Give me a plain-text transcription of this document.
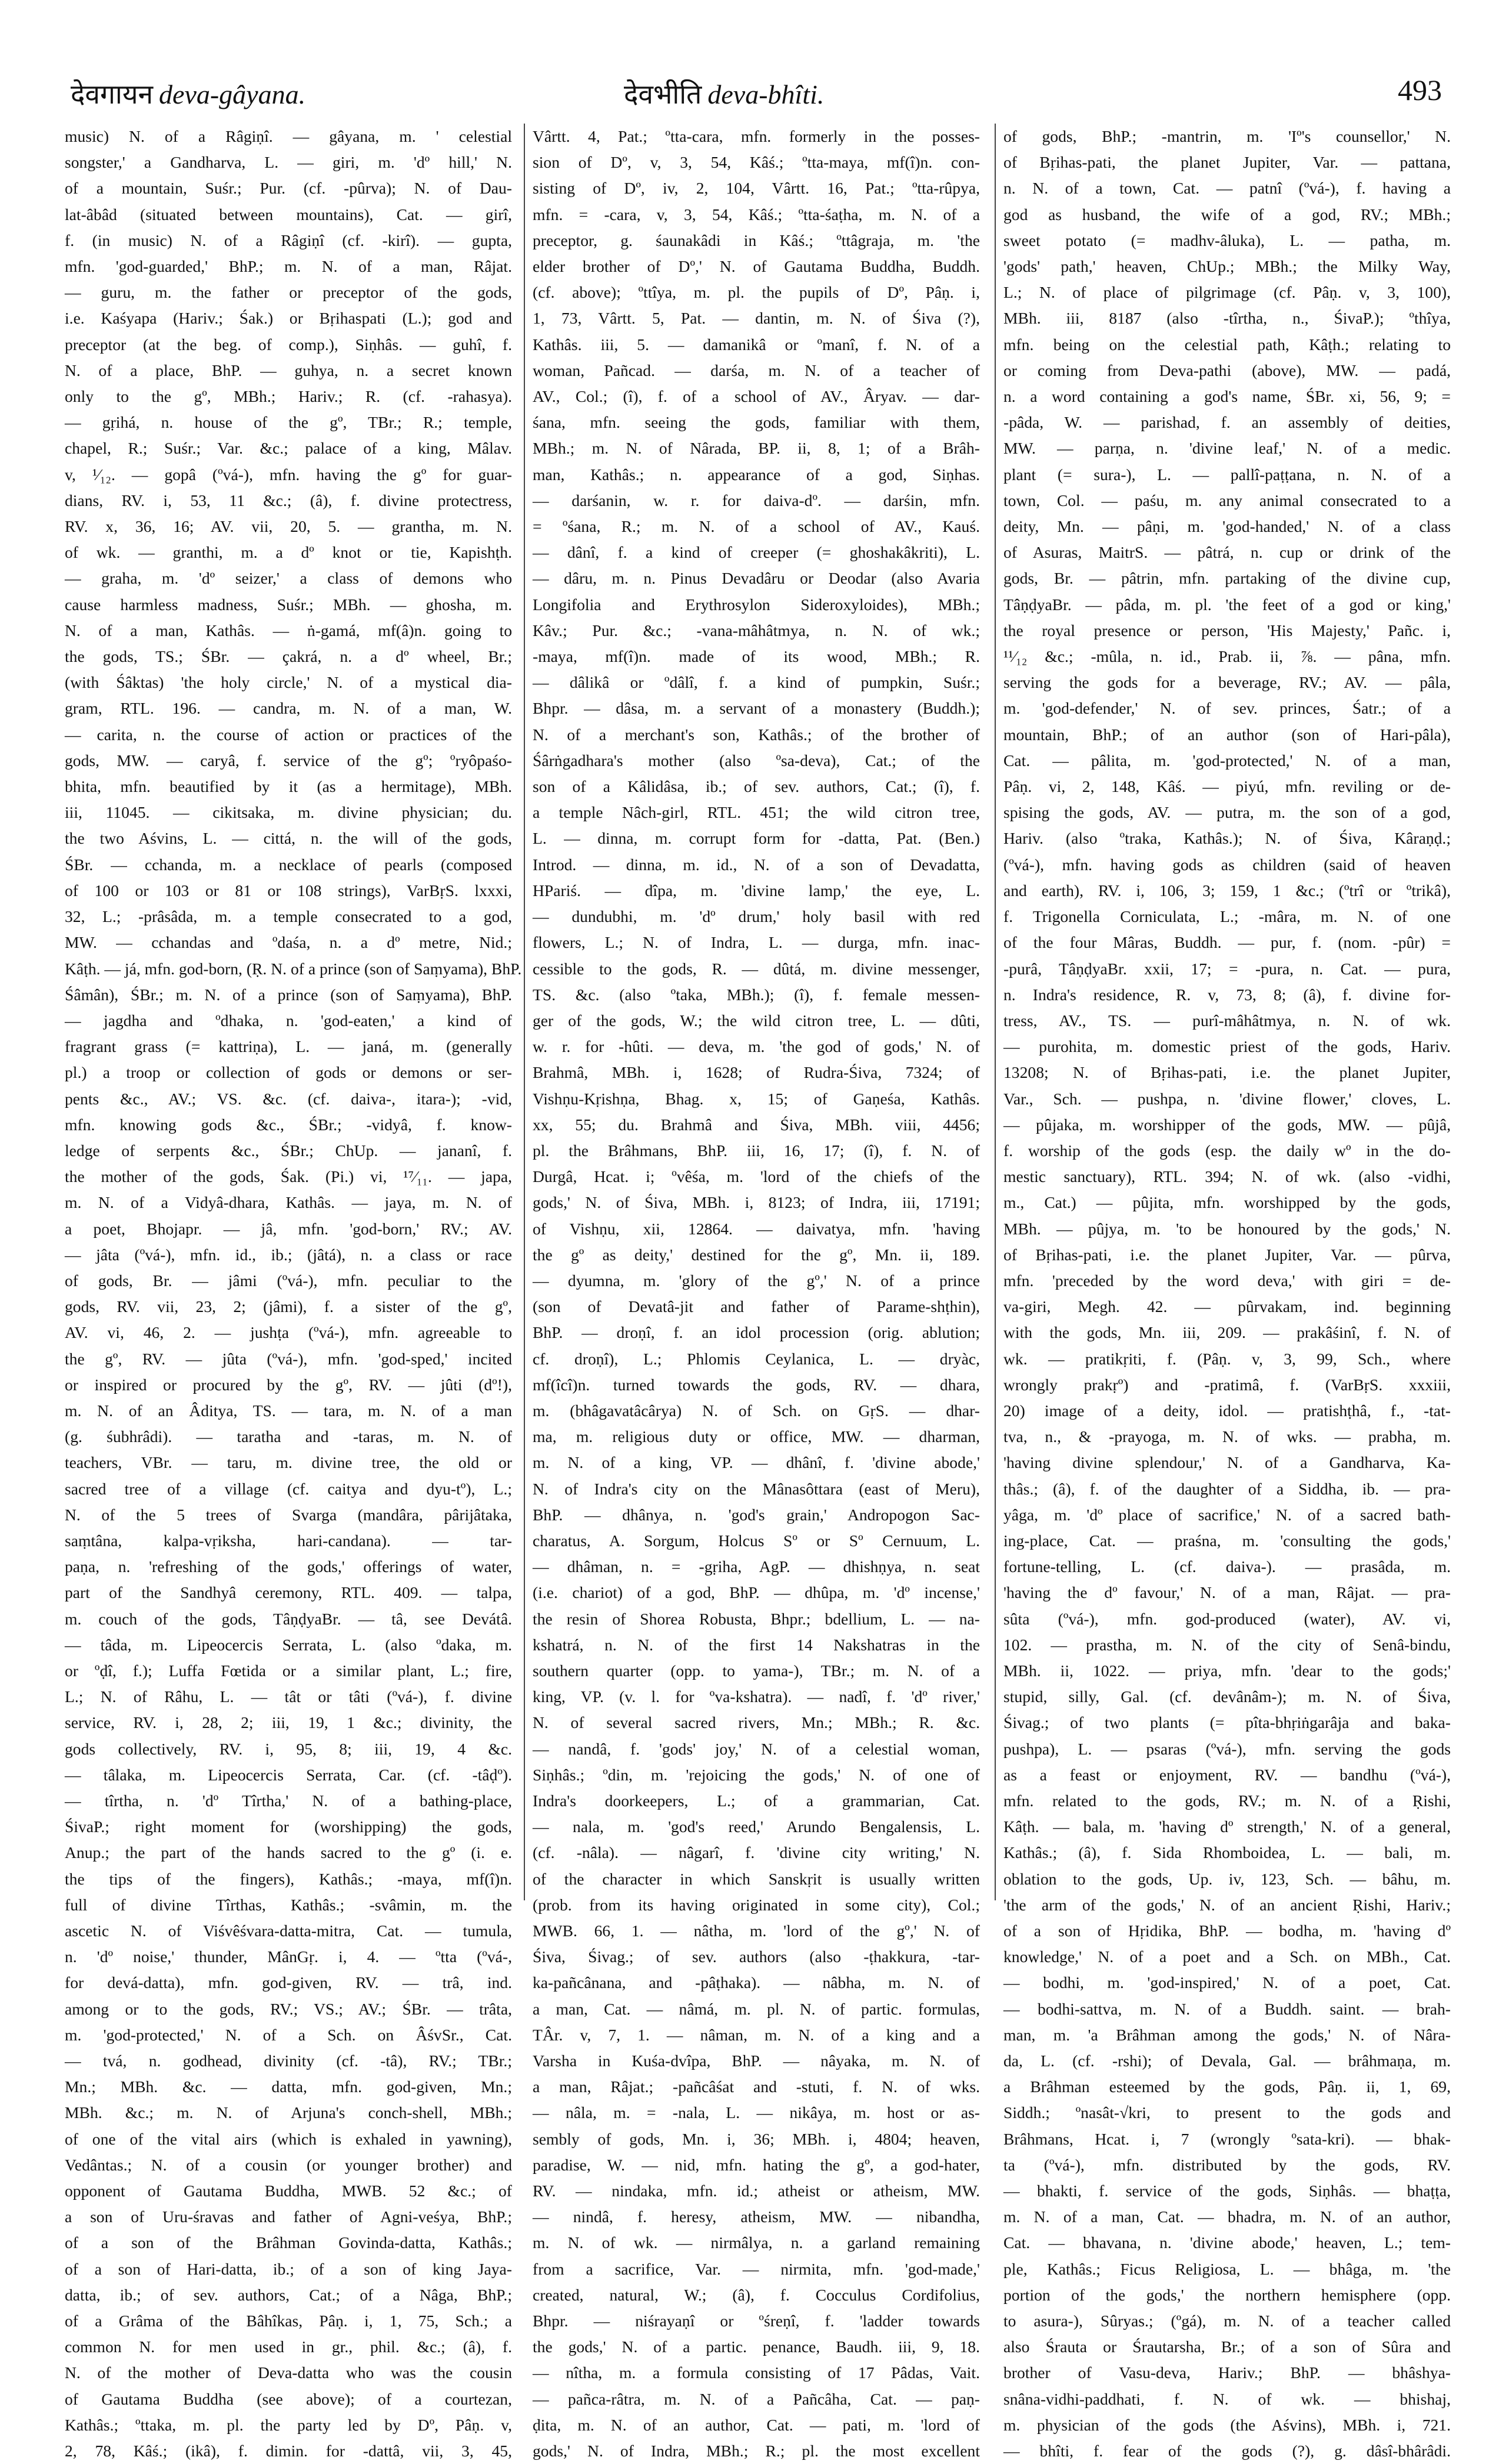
देवगायन deva-gâyana.	देवभीति deva-bhîti.	493
music) N. of a Râgiṇî. — gâyana, m. ' celestial
songster,' a Gandharva, L. — giri, m. 'dº hill,' N.
of a mountain, Suśr.; Pur. (cf. -pûrva); N. of Dau-
lat-âbâd (situated between mountains), Cat. — girî,
f. (in music) N. of a Râgiṇî (cf. -kirî). — gupta,
mfn. 'god-guarded,' BhP.; m. N. of a man, Râjat.
— guru, m. the father or preceptor of the gods,
i.e. Kaśyapa (Hariv.; Śak.) or Bṛihaspati (L.); god and
preceptor (at the beg. of comp.), Siṇhâs. — guhî, f.
N. of a place, BhP. — guhya, n. a secret known
only to the gº, MBh.; Hariv.; R. (cf. -rahasya).
— gṛihá, n. house of the gº, TBr.; R.; temple,
chapel, R.; Suśr.; Var. &c.; palace of a king, Mâlav.
v, ¹⁄₁₂. — gopâ (ºvá-), mfn. having the gº for guar-
dians, RV. i, 53, 11 &c.; (â), f. divine protectress,
RV. x, 36, 16; AV. vii, 20, 5. — grantha, m. N.
of wk. — granthi, m. a dº knot or tie, Kapishṭh.
— graha, m. 'dº seizer,' a class of demons who
cause harmless madness, Suśr.; MBh. — ghosha, m.
N. of a man, Kathâs. — ṅ-gamá, mf(â)n. going to
the gods, TS.; ŚBr. — çakrá, n. a dº wheel, Br.;
(with Śâktas) 'the holy circle,' N. of a mystical dia-
gram, RTL. 196. — candra, m. N. of a man, W.
— carita, n. the course of action or practices of the
gods, MW. — caryâ, f. service of the gº; ºryôpaśo-
bhita, mfn. beautified by it (as a hermitage), MBh.
iii, 11045. — cikitsaka, m. divine physician; du.
the two Aśvins, L. — cittá, n. the will of the gods,
ŚBr. — cchanda, m. a necklace of pearls (composed
of 100 or 103 or 81 or 108 strings), VarBṛS. lxxxi,
32, L.; -prâsâda, m. a temple consecrated to a god,
MW. — cchandas and ºdaśa, n. a dº metre, Nid.;
Kâṭh. — já, mfn. god-born, (Ṛ. N. of a prince (son of Saṃyama), BhP.
Śâmân), ŚBr.; m. N. of a prince (son of Saṃyama), BhP.
— jagdha and ºdhaka, n. 'god-eaten,' a kind of
fragrant grass (= kattriṇa), L. — janá, m. (generally
pl.) a troop or collection of gods or demons or ser-
pents &c., AV.; VS. &c. (cf. daiva-, itara-); -vid,
mfn. knowing gods &c., ŚBr.; -vidyâ, f. know-
ledge of serpents &c., ŚBr.; ChUp. — jananî, f.
the mother of the gods, Śak. (Pi.) vi, ¹⁷⁄₁₁. — japa,
m. N. of a Vidyâ-dhara, Kathâs. — jaya, m. N. of
a poet, Bhojapr. — jâ, mfn. 'god-born,' RV.; AV.
— jâta (ºvá-), mfn. id., ib.; (jâtá), n. a class or race
of gods, Br. — jâmi (ºvá-), mfn. peculiar to the
gods, RV. vii, 23, 2; (jâmi), f. a sister of the gº,
AV. vi, 46, 2. — jushṭa (ºvá-), mfn. agreeable to
the gº, RV. — jûta (ºvá-), mfn. 'god-sped,' incited
or inspired or procured by the gº, RV. — jûti (dº!),
m. N. of an Âditya, TS. — tara, m. N. of a man
(g. śubhrâdi). — taratha and -taras, m. N. of
teachers, VBr. — taru, m. divine tree, the old or
sacred tree of a village (cf. caitya and dyu-tº), L.;
N. of the 5 trees of Svarga (mandâra, pârijâtaka,
saṃtâna, kalpa-vṛiksha, hari-candana). — tar-
paṇa, n. 'refreshing of the gods,' offerings of water,
part of the Sandhyâ ceremony, RTL. 409. — talpa,
m. couch of the gods, TâṇḍyaBr. — tâ, see Devátâ.
— tâda, m. Lipeocercis Serrata, L. (also ºdaka, m.
or ºḍî, f.); Luffa Fœtida or a similar plant, L.; fire,
L.; N. of Râhu, L. — tât or tâti (ºvá-), f. divine
service, RV. i, 28, 2; iii, 19, 1 &c.; divinity, the
gods collectively, RV. i, 95, 8; iii, 19, 4 &c.
— tâlaka, m. Lipeocercis Serrata, Car. (cf. -tâḍº).
— tîrtha, n. 'dº Tîrtha,' N. of a bathing-place,
ŚivaP.; right moment for (worshipping) the gods,
Anup.; the part of the hands sacred to the gº (i. e.
the tips of the fingers), Kathâs.; -maya, mf(î)n.
full of divine Tîrthas, Kathâs.; -svâmin, m. the
ascetic N. of Viśvêśvara-datta-mitra, Cat. — tumula,
n. 'dº noise,' thunder, MânGṛ. i, 4. — ºtta (ºvá-,
for devá-datta), mfn. god-given, RV. — trâ, ind.
among or to the gods, RV.; VS.; AV.; ŚBr. — trâta,
m. 'god-protected,' N. of a Sch. on ÂśvSr., Cat.
— tvá, n. godhead, divinity (cf. -tâ), RV.; TBr.;
Mn.; MBh. &c. — datta, mfn. god-given, Mn.;
MBh. &c.; m. N. of Arjuna's conch-shell, MBh.;
of one of the vital airs (which is exhaled in yawning),
Vedântas.; N. of a cousin (or younger brother) and
opponent of Gautama Buddha, MWB. 52 &c.; of
a son of Uru-śravas and father of Agni-veśya, BhP.;
of a son of the Brâhman Govinda-datta, Kathâs.;
of a son of Hari-datta, ib.; of a son of king Jaya-
datta, ib.; of sev. authors, Cat.; of a Nâga, BhP.;
of a Grâma of the Bâhîkas, Pâṇ. i, 1, 75, Sch.; a
common N. for men used in gr., phil. &c.; (â), f.
N. of the mother of Deva-datta who was the cousin
of Gautama Buddha (see above); of a courtezan,
Kathâs.; ºttaka, m. pl. the party led by Dº, Pâṇ. v,
2, 78, Kâś.; (ikâ), f. dimin. for -dattâ, vii, 3, 45,
Vârtt. 4, Pat.; ºtta-cara, mfn. formerly in the posses-
sion of Dº, v, 3, 54, Kâś.; ºtta-maya, mf(î)n. con-
sisting of Dº, iv, 2, 104, Vârtt. 16, Pat.; ºtta-rûpya,
mfn. = -cara, v, 3, 54, Kâś.; ºtta-śaṭha, m. N. of a
preceptor, g. śaunakâdi in Kâś.; ºttâgraja, m. 'the
elder brother of Dº,' N. of Gautama Buddha, Buddh.
(cf. above); ºttîya, m. pl. the pupils of Dº, Pâṇ. i,
1, 73, Vârtt. 5, Pat. — dantin, m. N. of Śiva (?),
Kathâs. iii, 5. — damanikâ or ºmanî, f. N. of a
woman, Pañcad. — darśa, m. N. of a teacher of
AV., Col.; (î), f. of a school of AV., Âryav. — dar-
śana, mfn. seeing the gods, familiar with them,
MBh.; m. N. of Nârada, BP. ii, 8, 1; of a Brâh-
man, Kathâs.; n. appearance of a god, Siṇhas.
— darśanin, w. r. for daiva-dº. — darśin, mfn.
= ºśana, R.; m. N. of a school of AV., Kauś.
— dânî, f. a kind of creeper (= ghoshakâkriti), L.
— dâru, m. n. Pinus Devadâru or Deodar (also Avaria
Longifolia and Erythrosylon Sideroxyloides), MBh.;
Kâv.; Pur. &c.; -vana-mâhâtmya, n. N. of wk.;
-maya, mf(î)n. made of its wood, MBh.; R.
— dâlikâ or ºdâlî, f. a kind of pumpkin, Suśr.;
Bhpr. — dâsa, m. a servant of a monastery (Buddh.);
N. of a merchant's son, Kathâs.; of the brother of
Śârṅgadhara's mother (also ºsa-deva), Cat.; of the
son of a Kâlidâsa, ib.; of sev. authors, Cat.; (î), f.
a temple Nâch-girl, RTL. 451; the wild citron tree,
L. — dinna, m. corrupt form for -datta, Pat. (Ben.)
Introd. — dinna, m. id., N. of a son of Devadatta,
HPariś. — dîpa, m. 'divine lamp,' the eye, L.
— dundubhi, m. 'dº drum,' holy basil with red
flowers, L.; N. of Indra, L. — durga, mfn. inac-
cessible to the gods, R. — dûtá, m. divine messenger,
TS. &c. (also ºtaka, MBh.); (î), f. female messen-
ger of the gods, W.; the wild citron tree, L. — dûti,
w. r. for -hûti. — deva, m. 'the god of gods,' N. of
Brahmâ, MBh. i, 1628; of Rudra-Śiva, 7324; of
Vishṇu-Kṛishṇa, Bhag. x, 15; of Gaṇeśa, Kathâs.
xx, 55; du. Brahmâ and Śiva, MBh. viii, 4456;
pl. the Brâhmans, BhP. iii, 16, 17; (î), f. N. of
Durgâ, Hcat. i; ºvêśa, m. 'lord of the chiefs of the
gods,' N. of Śiva, MBh. i, 8123; of Indra, iii, 17191;
of Vishṇu, xii, 12864. — daivatya, mfn. 'having
the gº as deity,' destined for the gº, Mn. ii, 189.
— dyumna, m. 'glory of the gº,' N. of a prince
(son of Devatâ-jit and father of Parame-shṭhin),
BhP. — droṇî, f. an idol procession (orig. ablution;
cf. droṇî), L.; Phlomis Ceylanica, L. — dryàc,
mf(îcî)n. turned towards the gods, RV. — dhara,
m. (bhâgavatâcârya) N. of Sch. on GṛS. — dhar-
ma, m. religious duty or office, MW. — dharman,
m. N. of a king, VP. — dhânî, f. 'divine abode,'
N. of Indra's city on the Mânasôttara (east of Meru),
BhP. — dhânya, n. 'god's grain,' Andropogon Sac-
charatus, A. Sorgum, Holcus Sº or Sº Cernuum, L.
— dhâman, n. = -gṛiha, AgP. — dhishṇya, n. seat
(i.e. chariot) of a god, BhP. — dhûpa, m. 'dº incense,'
the resin of Shorea Robusta, Bhpr.; bdellium, L. — na-
kshatrá, n. N. of the first 14 Nakshatras in the
southern quarter (opp. to yama-), TBr.; m. N. of a
king, VP. (v. l. for ºva-kshatra). — nadî, f. 'dº river,'
N. of several sacred rivers, Mn.; MBh.; R. &c.
— nandâ, f. 'gods' joy,' N. of a celestial woman,
Siṇhâs.; ºdin, m. 'rejoicing the gods,' N. of one of
Indra's doorkeepers, L.; of a grammarian, Cat.
— nala, m. 'god's reed,' Arundo Bengalensis, L.
(cf. -nâla). — nâgarî, f. 'divine city writing,' N.
of the character in which Sanskṛit is usually written
(prob. from its having originated in some city), Col.;
MWB. 66, 1. — nâtha, m. 'lord of the gº,' N. of
Śiva, Śivag.; of sev. authors (also -ṭhakkura, -tar-
ka-pañcânana, and -pâṭhaka). — nâbha, m. N. of
a man, Cat. — nâmá, m. pl. N. of partic. formulas,
TÂr. v, 7, 1. — nâman, m. N. of a king and a
Varsha in Kuśa-dvîpa, BhP. — nâyaka, m. N. of
a man, Râjat.; -pañcâśat and -stuti, f. N. of wks.
— nâla, m. = -nala, L. — nikâya, m. host or as-
sembly of gods, Mn. i, 36; MBh. i, 4804; heaven,
paradise, W. — nid, mfn. hating the gº, a god-hater,
RV. — nindaka, mfn. id.; atheist or atheism, MW.
— nindâ, f. heresy, atheism, MW. — nibandha,
m. N. of wk. — nirmâlya, n. a garland remaining
from a sacrifice, Var. — nirmita, mfn. 'god-made,'
created, natural, W.; (â), f. Cocculus Cordifolius,
Bhpr. — niśrayaṇî or ºśreṇî, f. 'ladder towards
the gods,' N. of a partic. penance, Baudh. iii, 9, 18.
— nîtha, m. a formula consisting of 17 Pâdas, Vait.
— pañca-râtra, m. N. of a Pañcâha, Cat. — paṇ-
ḍita, m. N. of an author, Cat. — pati, m. 'lord of
gods,' N. of Indra, MBh.; R.; pl. the most excellent
of gods, BhP.; -mantrin, m. 'Iº's counsellor,' N.
of Bṛihas-pati, the planet Jupiter, Var. — pattana,
n. N. of a town, Cat. — patnî (ºvá-), f. having a
god as husband, the wife of a god, RV.; MBh.;
sweet potato (= madhv-âluka), L. — patha, m.
'gods' path,' heaven, ChUp.; MBh.; the Milky Way,
L.; N. of place of pilgrimage (cf. Pâṇ. v, 3, 100),
MBh. iii, 8187 (also -tîrtha, n., ŚivaP.); ºthîya,
mfn. being on the celestial path, Kâṭh.; relating to
or coming from Deva-pathi (above), MW. — padá,
n. a word containing a god's name, ŚBr. xi, 56, 9; =
-pâda, W. — parishad, f. an assembly of deities,
MW. — parṇa, n. 'divine leaf,' N. of a medic.
plant (= sura-), L. — pallî-paṭṭana, n. N. of a
town, Col. — paśu, m. any animal consecrated to a
deity, Mn. — pâṇi, m. 'god-handed,' N. of a class
of Asuras, MaitrS. — pâtrá, n. cup or drink of the
gods, Br. — pâtrin, mfn. partaking of the divine cup,
TâṇḍyaBr. — pâda, m. pl. 'the feet of a god or king,'
the royal presence or person, 'His Majesty,' Pañc. i,
¹¹⁄₁₂ &c.; -mûla, n. id., Prab. ii, ⅞. — pâna, mfn.
serving the gods for a beverage, RV.; AV. — pâla,
m. 'god-defender,' N. of sev. princes, Śatr.; of a
mountain, BhP.; of an author (son of Hari-pâla),
Cat. — pâlita, m. 'god-protected,' N. of a man,
Pâṇ. vi, 2, 148, Kâś. — piyú, mfn. reviling or de-
spising the gods, AV. — putra, m. the son of a god,
Hariv. (also ºtraka, Kathâs.); N. of Śiva, Kâraṇḍ.;
(ºvá-), mfn. having gods as children (said of heaven
and earth), RV. i, 106, 3; 159, 1 &c.; (ºtrî or ºtrikâ),
f. Trigonella Corniculata, L.; -mâra, m. N. of one
of the four Mâras, Buddh. — pur, f. (nom. -pûr) =
-purâ, TâṇḍyaBr. xxii, 17; = -pura, n. Cat. — pura,
n. Indra's residence, R. v, 73, 8; (â), f. divine for-
tress, AV., TS. — purî-mâhâtmya, n. N. of wk.
— purohita, m. domestic priest of the gods, Hariv.
13208; N. of Bṛihas-pati, i.e. the planet Jupiter,
Var., Sch. — pushpa, n. 'divine flower,' cloves, L.
— pûjaka, m. worshipper of the gods, MW. — pûjâ,
f. worship of the gods (esp. the daily wº in the do-
mestic sanctuary), RTL. 394; N. of wk. (also -vidhi,
m., Cat.) — pûjita, mfn. worshipped by the gods,
MBh. — pûjya, m. 'to be honoured by the gods,' N.
of Bṛihas-pati, i.e. the planet Jupiter, Var. — pûrva,
mfn. 'preceded by the word deva,' with giri = de-
va-giri, Megh. 42. — pûrvakam, ind. beginning
with the gods, Mn. iii, 209. — prakâśinî, f. N. of
wk. — pratikṛiti, f. (Pâṇ. v, 3, 99, Sch., where
wrongly prakṛº) and -pratimâ, f. (VarBṛS. xxxiii,
20) image of a deity, idol. — pratishṭhâ, f., -tat-
tva, n., & -prayoga, m. N. of wks. — prabha, m.
'having divine splendour,' N. of a Gandharva, Ka-
thâs.; (â), f. of the daughter of a Siddha, ib. — pra-
yâga, m. 'dº place of sacrifice,' N. of a sacred bath-
ing-place, Cat. — praśna, m. 'consulting the gods,'
fortune-telling, L. (cf. daiva-). — prasâda, m.
'having the dº favour,' N. of a man, Râjat. — pra-
sûta (ºvá-), mfn. god-produced (water), AV. vi,
102. — prastha, m. N. of the city of Senâ-bindu,
MBh. ii, 1022. — priya, mfn. 'dear to the gods;'
stupid, silly, Gal. (cf. devânâm-); m. N. of Śiva,
Śivag.; of two plants (= pîta-bhṛiṅgarâja and baka-
pushpa), L. — psaras (ºvá-), mfn. serving the gods
as a feast or enjoyment, RV. — bandhu (ºvá-),
mfn. related to the gods, RV.; m. N. of a Ṛishi,
Kâṭh. — bala, m. 'having dº strength,' N. of a general,
Kathâs.; (â), f. Sida Rhomboidea, L. — bali, m.
oblation to the gods, Up. iv, 123, Sch. — bâhu, m.
'the arm of the gods,' N. of an ancient Ṛishi, Hariv.;
of a son of Hṛidika, BhP. — bodha, m. 'having dº
knowledge,' N. of a poet and a Sch. on MBh., Cat.
— bodhi, m. 'god-inspired,' N. of a poet, Cat.
— bodhi-sattva, m. N. of a Buddh. saint. — brah-
man, m. 'a Brâhman among the gods,' N. of Nâra-
da, L. (cf. -rshi); of Devala, Gal. — brâhmaṇa, m.
a Brâhman esteemed by the gods, Pâṇ. ii, 1, 69,
Siddh.; ºnasât-√kri, to present to the gods and
Brâhmans, Hcat. i, 7 (wrongly ºsata-kri). — bhak-
ta (ºvá-), mfn. distributed by the gods, RV.
— bhakti, f. service of the gods, Siṇhâs. — bhaṭṭa,
m. N. of a man, Cat. — bhadra, m. N. of an author,
Cat. — bhavana, n. 'divine abode,' heaven, L.; tem-
ple, Kathâs.; Ficus Religiosa, L. — bhâga, m. 'the
portion of the gods,' the northern hemisphere (opp.
to asura-), Sûryas.; (ºgá), m. N. of a teacher called
also Śrauta or Śrautarsha, Br.; of a son of Sûra and
brother of Vasu-deva, Hariv.; BhP. — bhâshya-
snâna-vidhi-paddhati, f. N. of wk. — bhishaj,
m. physician of the gods (the Aśvins), MBh. i, 721.
— bhîti, f. fear of the gods (?), g. dâsî-bhârâdi.
